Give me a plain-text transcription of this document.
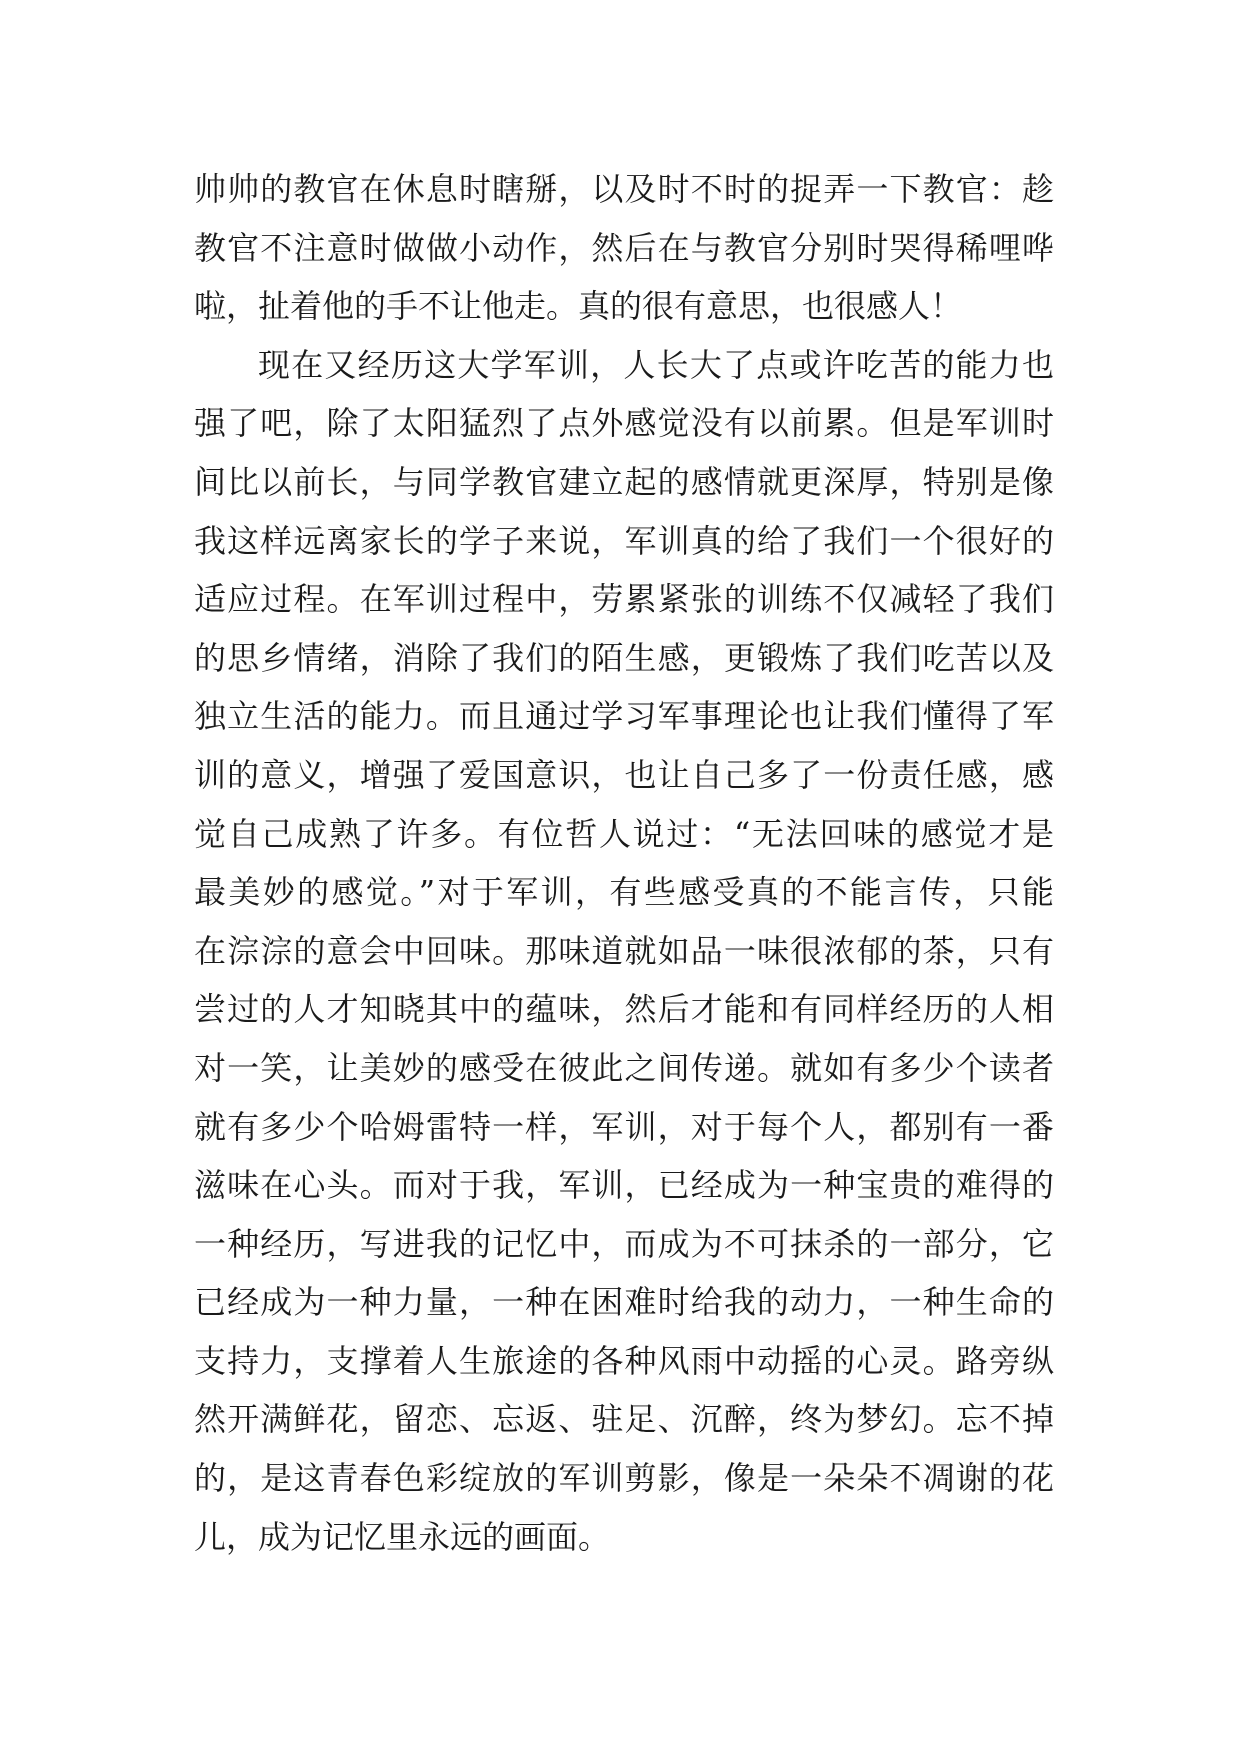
帅帅的教官在休息时瞎掰，以及时不时的捉弄一下教官：趁
教官不注意时做做小动作，然后在与教官分别时哭得稀哩哗
啦，扯着他的手不让他走。真的很有意思，也很感人！
现在又经历这大学军训，人长大了点或许吃苦的能力也
强了吧，除了太阳猛烈了点外感觉没有以前累。但是军训时
间比以前长，与同学教官建立起的感情就更深厚，特别是像
我这样远离家长的学子来说，军训真的给了我们一个很好的
适应过程。在军训过程中，劳累紧张的训练不仅减轻了我们
的思乡情绪，消除了我们的陌生感，更锻炼了我们吃苦以及
独立生活的能力。而且通过学习军事理论也让我们懂得了军
训的意义，增强了爱国意识，也让自己多了一份责任感，感
觉自己成熟了许多。有位哲人说过：“无法回味的感觉才是
最美妙的感觉。”对于军训，有些感受真的不能言传，只能
在淙淙的意会中回味。那味道就如品一味很浓郁的茶，只有
尝过的人才知晓其中的蕴味，然后才能和有同样经历的人相
对一笑，让美妙的感受在彼此之间传递。就如有多少个读者
就有多少个哈姆雷特一样，军训，对于每个人，都别有一番
滋味在心头。而对于我，军训，已经成为一种宝贵的难得的
一种经历，写进我的记忆中，而成为不可抹杀的一部分，它
已经成为一种力量，一种在困难时给我的动力，一种生命的
支持力，支撑着人生旅途的各种风雨中动摇的心灵。路旁纵
然开满鲜花，留恋、忘返、驻足、沉醉，终为梦幻。忘不掉
的，是这青春色彩绽放的军训剪影，像是一朵朵不凋谢的花
儿，成为记忆里永远的画面。
